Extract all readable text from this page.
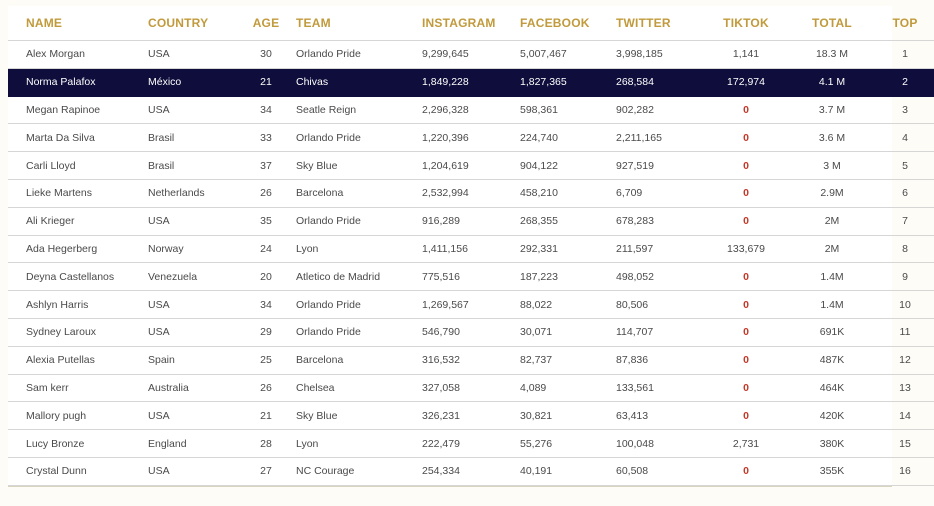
NAME	COUNTRY	AGE	TEAM	INSTAGRAM	FACEBOOK	TWITTER	TIKTOK	TOTAL	TOP
Alex Morgan	USA	30	Orlando Pride	9,299,645	5,007,467	3,998,185	1,141	18.3 M	1
Norma Palafox	México	21	Chivas	1,849,228	1,827,365	268,584	172,974	4.1 M	2
Megan Rapinoe	USA	34	Seatle Reign	2,296,328	598,361	902,282	0	3.7 M	3
Marta Da Silva	Brasil	33	Orlando Pride	1,220,396	224,740	2,211,165	0	3.6 M	4
Carli Lloyd	Brasil	37	Sky Blue	1,204,619	904,122	927,519	0	3 M	5
Lieke Martens	Netherlands	26	Barcelona	2,532,994	458,210	6,709	0	2.9M	6
Ali Krieger	USA	35	Orlando Pride	916,289	268,355	678,283	0	2M	7
Ada Hegerberg	Norway	24	Lyon	1,411,156	292,331	211,597	133,679	2M	8
Deyna Castellanos	Venezuela	20	Atletico de Madrid	775,516	187,223	498,052	0	1.4M	9
Ashlyn Harris	USA	34	Orlando Pride	1,269,567	88,022	80,506	0	1.4M	10
Sydney Laroux	USA	29	Orlando Pride	546,790	30,071	114,707	0	691K	11
Alexia Putellas	Spain	25	Barcelona	316,532	82,737	87,836	0	487K	12
Sam kerr	Australia	26	Chelsea	327,058	4,089	133,561	0	464K	13
Mallory pugh	USA	21	Sky Blue	326,231	30,821	63,413	0	420K	14
Lucy Bronze	England	28	Lyon	222,479	55,276	100,048	2,731	380K	15
Crystal Dunn	USA	27	NC Courage	254,334	40,191	60,508	0	355K	16
